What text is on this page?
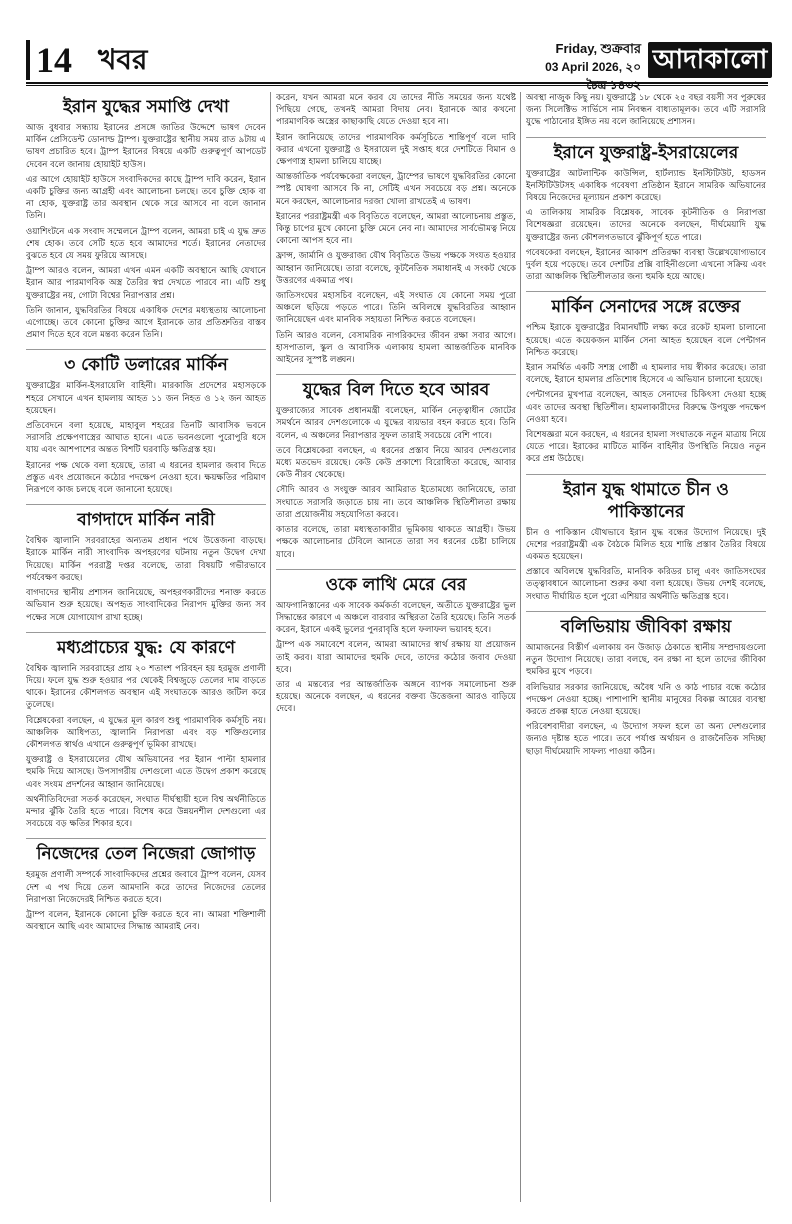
14 খবর	Friday, শুক্রবার
03 April 2026, ২০ আদাকালো
ইরান যুদ্ধের সমাপ্তি দেখা

আজ বুধবার সন্ধ্যায় ইরানের প্রসঙ্গে জাতির উদ্দেশে ভাষণ দেবেন মার্কিন প্রেসিডেন্ট ডোনাল্ড ট্রাম্প। যুক্তরাষ্ট্রের স্থানীয় সময় রাত ৯টায় এ ভাষণ প্রচারিত হবে। ট্রাম্প ইরানের বিষয়ে একটি গুরুত্বপূর্ণ আপডেট দেবেন বলে জানায় হোয়াইট হাউস।

এর আগে হোয়াইট হাউসে সংবাদিকদের কাছে ট্রাম্প দাবি করেন, ইরান একটি চুক্তির জন্য আগ্রহী এবং আলোচনা চলছে। তবে চুক্তি হোক বা না হোক, যুক্তরাষ্ট্র তার অবস্থান থেকে সরে আসবে না বলে জানান তিনি।

ওয়াশিংটনে এক সংবাদ সম্মেলনে ট্রাম্প বলেন, আমরা চাই এ যুদ্ধ দ্রুত শেষ হোক। তবে সেটি হতে হবে আমাদের শর্তে। ইরানের নেতাদের বুঝতে হবে যে সময় ফুরিয়ে আসছে।

ট্রাম্প আরও বলেন, আমরা এখন এমন একটি অবস্থানে আছি যেখানে ইরান আর পারমাণবিক অস্ত্র তৈরির স্বপ্ন দেখতে পারবে না। এটি শুধু যুক্তরাষ্ট্রের নয়, গোটা বিশ্বের নিরাপত্তার প্রশ্ন।

তিনি জানান, যুদ্ধবিরতির বিষয়ে একাধিক দেশের মধ্যস্থতায় আলোচনা এগোচ্ছে। তবে কোনো চুক্তির আগে ইরানকে তার প্রতিশ্রুতির বাস্তব প্রমাণ দিতে হবে বলে মন্তব্য করেন তিনি।

৩ কোটি ডলারের মার্কিন

যুক্তরাষ্ট্রের মার্কিন-ইসরায়েলি বাহিনী। মারকাজি প্রদেশের মহাসড়কে শহরে সেখানে এখন হামলায় আহত ১১ জন নিহত ও ১২ জন আহত হয়েছেন।

প্রতিবেদনে বলা হয়েছে, মাহাবুল শহরের তিনটি আবাসিক ভবনে সরাসরি প্রক্ষেপণাস্ত্রের আঘাত হানে। এতে ভবনগুলো পুরোপুরি ধসে যায় এবং আশপাশের অন্তত বিশটি ঘরবাড়ি ক্ষতিগ্রস্ত হয়।

ইরানের পক্ষ থেকে বলা হয়েছে, তারা এ ধরনের হামলার জবাব দিতে প্রস্তুত এবং প্রয়োজনে কঠোর পদক্ষেপ নেওয়া হবে। ক্ষয়ক্ষতির পরিমাণ নিরূপণে কাজ চলছে বলে জানানো হয়েছে।

বাগদাদে মার্কিন নারী

বৈশ্বিক জ্বালানি সরবরাহের অন্যতম প্রধান পথে উত্তেজনা বাড়ছে। ইরাকে মার্কিন নারী সাংবাদিক অপহরণের ঘটনায় নতুন উদ্বেগ দেখা দিয়েছে। মার্কিন পররাষ্ট্র দপ্তর বলেছে, তারা বিষয়টি গভীরভাবে পর্যবেক্ষণ করছে।

বাগদাদের স্থানীয় প্রশাসন জানিয়েছে, অপহরণকারীদের শনাক্ত করতে অভিযান শুরু হয়েছে। অপহৃত সাংবাদিকের নিরাপদ মুক্তির জন্য সব পক্ষের সঙ্গে যোগাযোগ রাখা হচ্ছে।

মধ্যপ্রাচ্যের যুদ্ধ: যে কারণে

বৈশ্বিক জ্বালানি সরবরাহের প্রায় ২০ শতাংশ পরিবহন হয় হরমুজ প্রণালী দিয়ে। ফলে যুদ্ধ শুরু হওয়ার পর থেকেই বিশ্বজুড়ে তেলের দাম বাড়তে থাকে। ইরানের কৌশলগত অবস্থান এই সংঘাতকে আরও জটিল করে তুলেছে।

বিশ্লেষকেরা বলছেন, এ যুদ্ধের মূল কারণ শুধু পারমাণবিক কর্মসূচি নয়। আঞ্চলিক আধিপত্য, জ্বালানি নিরাপত্তা এবং বড় শক্তিগুলোর কৌশলগত স্বার্থও এখানে গুরুত্বপূর্ণ ভূমিকা রাখছে।

যুক্তরাষ্ট্র ও ইসরায়েলের যৌথ অভিযানের পর ইরান পাল্টা হামলার হুমকি দিয়ে আসছে। উপসাগরীয় দেশগুলো এতে উদ্বেগ প্রকাশ করেছে এবং সংযম প্রদর্শনের আহ্বান জানিয়েছে।

অর্থনীতিবিদেরা সতর্ক করেছেন, সংঘাত দীর্ঘস্থায়ী হলে বিশ্ব অর্থনীতিতে মন্দার ঝুঁকি তৈরি হতে পারে। বিশেষ করে উন্নয়নশীল দেশগুলো এর সবচেয়ে বড় ক্ষতির শিকার হবে।

নিজেদের তেল নিজেরা জোগাড়

হরমুজ প্রণালী সম্পর্কে সাংবাদিকদের প্রশ্নের জবাবে ট্রাম্প বলেন, যেসব দেশ এ পথ দিয়ে তেল আমদানি করে তাদের নিজেদের তেলের নিরাপত্তা নিজেদেরই নিশ্চিত করতে হবে।

ট্রাম্প বলেন, ইরানকে কোনো চুক্তি করতে হবে না। আমরা শক্তিশালী অবস্থানে আছি এবং আমাদের সিদ্ধান্ত আমরাই নেব।

করেন, যখন আমরা মনে করব যে তাদের নীতি সময়ের জন্য যথেষ্ট পিছিয়ে গেছে, তখনই আমরা বিদায় নেব। ইরানকে আর কখনো পারমাণবিক অস্ত্রের কাছাকাছি যেতে দেওয়া হবে না।

ইরান জানিয়েছে তাদের পারমাণবিক কর্মসূচিতে শান্তিপূর্ণ বলে দাবি করার এখনো যুক্তরাষ্ট্র ও ইসরায়েল দুই সপ্তাহ ধরে দেশটিতে বিমান ও ক্ষেপণাস্ত্র হামলা চালিয়ে যাচ্ছে।

আন্তর্জাতিক পর্যবেক্ষকেরা বলছেন, ট্রাম্পের ভাষণে যুদ্ধবিরতির কোনো স্পষ্ট ঘোষণা আসবে কি না, সেটিই এখন সবচেয়ে বড় প্রশ্ন। অনেকে মনে করছেন, আলোচনার দরজা খোলা রাখতেই এ ভাষণ।

ইরানের পররাষ্ট্রমন্ত্রী এক বিবৃতিতে বলেছেন, আমরা আলোচনায় প্রস্তুত, কিন্তু চাপের মুখে কোনো চুক্তি মেনে নেব না। আমাদের সার্বভৌমত্ব নিয়ে কোনো আপস হবে না।

ফ্রান্স, জার্মানি ও যুক্তরাজ্য যৌথ বিবৃতিতে উভয় পক্ষকে সংযত হওয়ার আহ্বান জানিয়েছে। তারা বলেছে, কূটনৈতিক সমাধানই এ সংকট থেকে উত্তরণের একমাত্র পথ।

জাতিসংঘের মহাসচিব বলেছেন, এই সংঘাত যে কোনো সময় পুরো অঞ্চলে ছড়িয়ে পড়তে পারে। তিনি অবিলম্বে যুদ্ধবিরতির আহ্বান জানিয়েছেন এবং মানবিক সহায়তা নিশ্চিত করতে বলেছেন।

তিনি আরও বলেন, বেসামরিক নাগরিকদের জীবন রক্ষা সবার আগে। হাসপাতাল, স্কুল ও আবাসিক এলাকায় হামলা আন্তর্জাতিক মানবিক আইনের সুস্পষ্ট লঙ্ঘন।

যুদ্ধের বিল দিতে হবে আরব

যুক্তরাজ্যের সাবেক প্রধানমন্ত্রী বলেছেন, মার্কিন নেতৃত্বাধীন জোটের সমর্থনে আরব দেশগুলোকে এ যুদ্ধের ব্যয়ভার বহন করতে হবে। তিনি বলেন, এ অঞ্চলের নিরাপত্তার সুফল তারাই সবচেয়ে বেশি পাবে।

তবে বিশ্লেষকেরা বলছেন, এ ধরনের প্রস্তাব নিয়ে আরব দেশগুলোর মধ্যে মতভেদ রয়েছে। কেউ কেউ প্রকাশ্যে বিরোধিতা করেছে, আবার কেউ নীরব থেকেছে।

সৌদি আরব ও সংযুক্ত আরব আমিরাত ইতোমধ্যে জানিয়েছে, তারা সংঘাতে সরাসরি জড়াতে চায় না। তবে আঞ্চলিক স্থিতিশীলতা রক্ষায় তারা প্রয়োজনীয় সহযোগিতা করবে।

কাতার বলেছে, তারা মধ্যস্থতাকারীর ভূমিকায় থাকতে আগ্রহী। উভয় পক্ষকে আলোচনার টেবিলে আনতে তারা সব ধরনের চেষ্টা চালিয়ে যাবে।

ওকে লাথি মেরে বের

আফগানিস্তানের এক সাবেক কর্মকর্তা বলেছেন, অতীতে যুক্তরাষ্ট্রের ভুল সিদ্ধান্তের কারণে এ অঞ্চলে বারবার অস্থিরতা তৈরি হয়েছে। তিনি সতর্ক করেন, ইরানে একই ভুলের পুনরাবৃত্তি হলে ফলাফল ভয়াবহ হবে।

ট্রাম্প এক সমাবেশে বলেন, আমরা আমাদের স্বার্থ রক্ষায় যা প্রয়োজন তাই করব। যারা আমাদের হুমকি দেবে, তাদের কঠোর জবাব দেওয়া হবে।

তার এ মন্তব্যের পর আন্তর্জাতিক অঙ্গনে ব্যাপক সমালোচনা শুরু হয়েছে। অনেকে বলছেন, এ ধরনের বক্তব্য উত্তেজনা আরও বাড়িয়ে দেবে।

অবস্থা নাজুক কিছু নয়। যুক্তরাষ্ট্রে ১৮ থেকে ২৫ বছর বয়সী সব পুরুষের জন্য সিলেক্টিভ সার্ভিসে নাম নিবন্ধন বাধ্যতামূলক। তবে এটি সরাসরি যুদ্ধে পাঠানোর ইঙ্গিত নয় বলে জানিয়েছে প্রশাসন।

ইরানে যুক্তরাষ্ট্র-ইসরায়েলের

যুক্তরাষ্ট্রের আটলান্টিক কাউন্সিল, হার্টল্যান্ড ইনস্টিটিউট, হাডসন ইনস্টিটিউটসহ একাধিক গবেষণা প্রতিষ্ঠান ইরানে সামরিক অভিযানের বিষয়ে নিজেদের মূল্যায়ন প্রকাশ করেছে।

এ তালিকায় সামরিক বিশ্লেষক, সাবেক কূটনীতিক ও নিরাপত্তা বিশেষজ্ঞরা রয়েছেন। তাদের অনেকে বলছেন, দীর্ঘমেয়াদি যুদ্ধ যুক্তরাষ্ট্রের জন্য কৌশলগতভাবে ঝুঁকিপূর্ণ হতে পারে।

গবেষকেরা বলছেন, ইরানের আকাশ প্রতিরক্ষা ব্যবস্থা উল্লেখযোগ্যভাবে দুর্বল হয়ে পড়েছে। তবে দেশটির প্রক্সি বাহিনীগুলো এখনো সক্রিয় এবং তারা আঞ্চলিক স্থিতিশীলতার জন্য হুমকি হয়ে আছে।

মার্কিন সেনাদের সঙ্গে রক্তের

পশ্চিম ইরাকে যুক্তরাষ্ট্রের বিমানঘাঁটি লক্ষ্য করে রকেট হামলা চালানো হয়েছে। এতে কয়েকজন মার্কিন সেনা আহত হয়েছেন বলে পেন্টাগন নিশ্চিত করেছে।

ইরান সমর্থিত একটি সশস্ত্র গোষ্ঠী এ হামলার দায় স্বীকার করেছে। তারা বলেছে, ইরানে হামলার প্রতিশোধ হিসেবে এ অভিযান চালানো হয়েছে।

পেন্টাগনের মুখপাত্র বলেছেন, আহত সেনাদের চিকিৎসা দেওয়া হচ্ছে এবং তাদের অবস্থা স্থিতিশীল। হামলাকারীদের বিরুদ্ধে উপযুক্ত পদক্ষেপ নেওয়া হবে।

বিশেষজ্ঞরা মনে করছেন, এ ধরনের হামলা সংঘাতকে নতুন মাত্রায় নিয়ে যেতে পারে। ইরাকের মাটিতে মার্কিন বাহিনীর উপস্থিতি নিয়েও নতুন করে প্রশ্ন উঠেছে।

ইরান যুদ্ধ থামাতে চীন ও পাকিস্তানের

চীন ও পাকিস্তান যৌথভাবে ইরান যুদ্ধ বন্ধের উদ্যোগ নিয়েছে। দুই দেশের পররাষ্ট্রমন্ত্রী এক বৈঠকে মিলিত হয়ে শান্তি প্রস্তাব তৈরির বিষয়ে একমত হয়েছেন।

প্রস্তাবে অবিলম্বে যুদ্ধবিরতি, মানবিক করিডর চালু এবং জাতিসংঘের তত্ত্বাবধানে আলোচনা শুরুর কথা বলা হয়েছে। উভয় দেশই বলেছে, সংঘাত দীর্ঘায়িত হলে পুরো এশিয়ার অর্থনীতি ক্ষতিগ্রস্ত হবে।

বলিভিয়ায় জীবিকা রক্ষায়

আমাজনের বিস্তীর্ণ এলাকায় বন উজাড় ঠেকাতে স্থানীয় সম্প্রদায়গুলো নতুন উদ্যোগ নিয়েছে। তারা বলছে, বন রক্ষা না হলে তাদের জীবিকা হুমকির মুখে পড়বে।

বলিভিয়ার সরকার জানিয়েছে, অবৈধ খনি ও কাঠ পাচার বন্ধে কঠোর পদক্ষেপ নেওয়া হচ্ছে। পাশাপাশি স্থানীয় মানুষের বিকল্প আয়ের ব্যবস্থা করতে প্রকল্প হাতে নেওয়া হয়েছে।

পরিবেশবাদীরা বলছেন, এ উদ্যোগ সফল হলে তা অন্য দেশগুলোর জন্যও দৃষ্টান্ত হতে পারে। তবে পর্যাপ্ত অর্থায়ন ও রাজনৈতিক সদিচ্ছা ছাড়া দীর্ঘমেয়াদি সাফল্য পাওয়া কঠিন।
